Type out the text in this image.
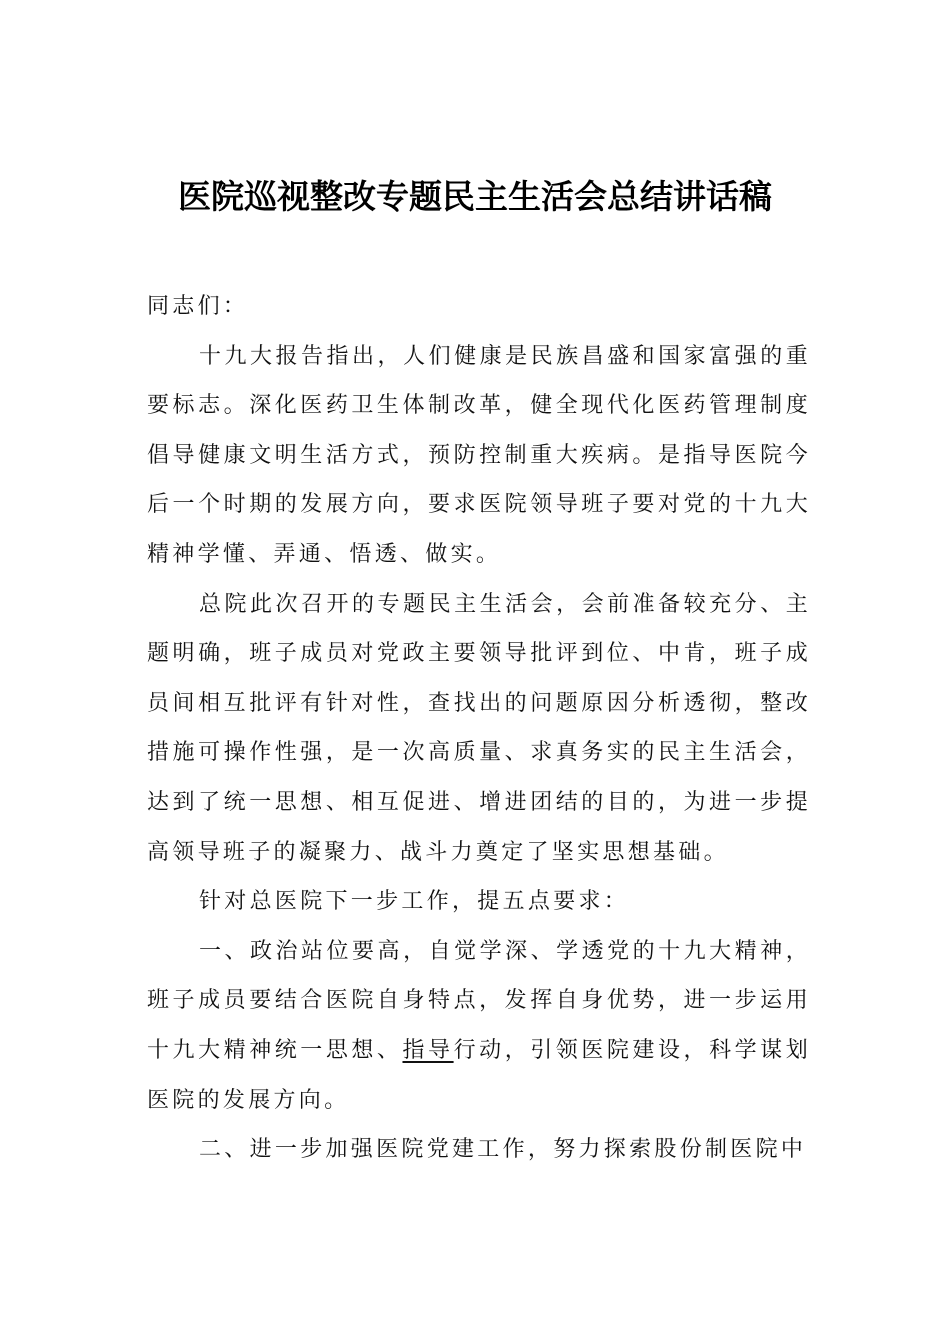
医院巡视整改专题民主生活会总结讲话稿

同志们：

十九大报告指出，人们健康是民族昌盛和国家富强的重要标志。深化医药卫生体制改革，健全现代化医药管理制度倡导健康文明生活方式，预防控制重大疾病。是指导医院今后一个时期的发展方向，要求医院领导班子要对党的十九大精神学懂、弄通、悟透、做实。

总院此次召开的专题民主生活会，会前准备较充分、主题明确，班子成员对党政主要领导批评到位、中肯，班子成员间相互批评有针对性，查找出的问题原因分析透彻，整改措施可操作性强，是一次高质量、求真务实的民主生活会，达到了统一思想、相互促进、增进团结的目的，为进一步提高领导班子的凝聚力、战斗力奠定了坚实思想基础。

针对总医院下一步工作，提五点要求：

一、政治站位要高，自觉学深、学透党的十九大精神，班子成员要结合医院自身特点，发挥自身优势，进一步运用十九大精神统一思想、指导行动，引领医院建设，科学谋划医院的发展方向。

二、进一步加强医院党建工作，努力探索股份制医院中
